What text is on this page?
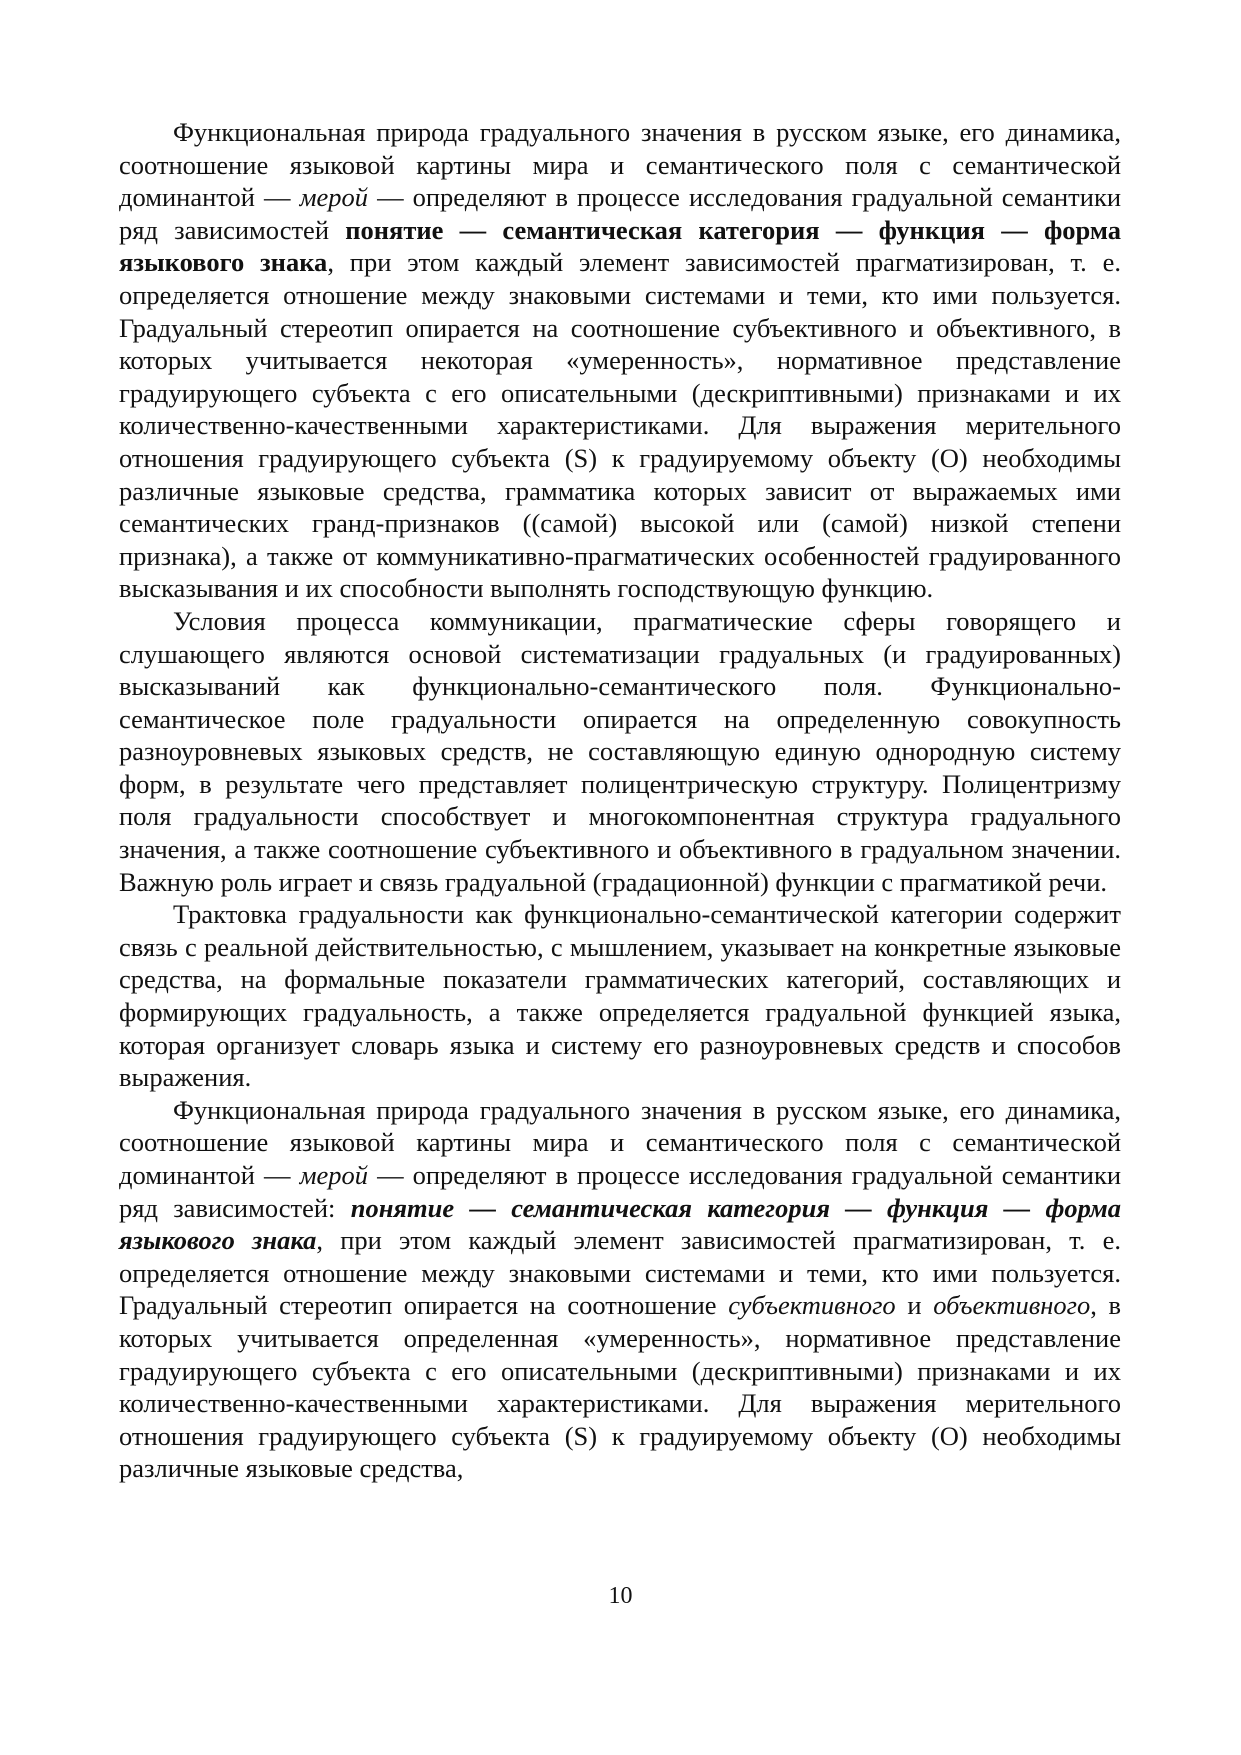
Функциональная природа градуального значения в русском языке, его динамика, соотношение языковой картины мира и семантического поля с семантической доминантой — мерой — определяют в процессе исследования градуальной семантики ряд зависимостей понятие — семантическая категория — функция — форма языкового знака, при этом каждый элемент зависимостей прагматизирован, т. е. определяется отношение между знаковыми системами и теми, кто ими пользуется. Градуальный стереотип опирается на соотношение субъективного и объективного, в которых учитывается некоторая «умеренность», нормативное представление градуирующего субъекта с его описательными (дескриптивными) признаками и их количественно-качественными характеристиками. Для выражения мерительного отношения градуирующего субъекта (S) к градуируемому объекту (O) необходимы различные языковые средства, грамматика которых зависит от выражаемых ими семантических гранд-признаков ((самой) высокой или (самой) низкой степени признака), а также от коммуникативно-прагматических особенностей градуированного высказывания и их способности выполнять господствующую функцию.

Условия процесса коммуникации, прагматические сферы говорящего и слушающего являются основой систематизации градуальных (и градуированных) высказываний как функционально-семантического поля. Функционально-семантическое поле градуальности опирается на определенную совокупность разноуровневых языковых средств, не составляющую единую однородную систему форм, в результате чего представляет полицентрическую структуру. Полицентризму поля градуальности способствует и многокомпонентная структура градуального значения, а также соотношение субъективного и объективного в градуальном значении. Важную роль играет и связь градуальной (градационной) функции с прагматикой речи.

Трактовка градуальности как функционально-семантической категории содержит связь с реальной действительностью, с мышлением, указывает на конкретные языковые средства, на формальные показатели грамматических категорий, составляющих и формирующих градуальность, а также определяется градуальной функцией языка, которая организует словарь языка и систему его разноуровневых средств и способов выражения.

Функциональная природа градуального значения в русском языке, его динамика, соотношение языковой картины мира и семантического поля с семантической доминантой — мерой — определяют в процессе исследования градуальной семантики ряд зависимостей: понятие — семантическая категория — функция — форма языкового знака, при этом каждый элемент зависимостей прагматизирован, т. е. определяется отношение между знаковыми системами и теми, кто ими пользуется. Градуальный стереотип опирается на соотношение субъективного и объективного, в которых учитывается определенная «умеренность», нормативное представление градуирующего субъекта с его описательными (дескриптивными) признаками и их количественно-качественными характеристиками. Для выражения мерительного отношения градуирующего субъекта (S) к градуируемому объекту (O) необходимы различные языковые средства,

10
